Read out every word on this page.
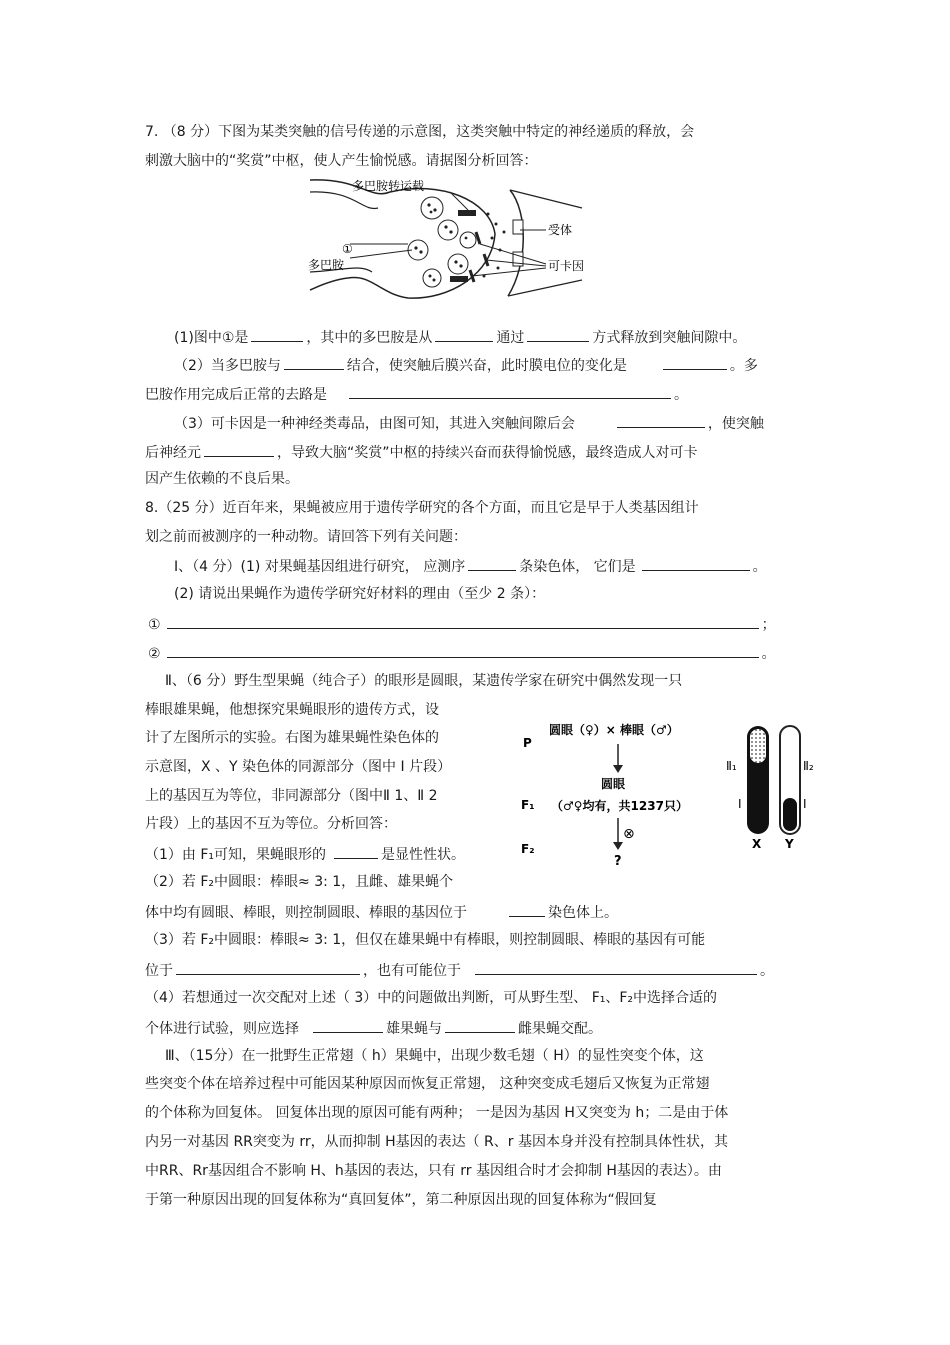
7. （8 分）下图为某类突触的信号传递的示意图，这类突触中特定的神经递质的释放，会
刺激大脑中的“奖赏”中枢，使人产生愉悦感。请据图分析回答：
多巴胺转运载
①
多巴胺
受体
可卡因
(1)图中①是	，其中的多巴胺是从	通过	方式释放到突触间隙中。
（2）当多巴胺与	结合，使突触后膜兴奋，此时膜电位的变化是	。多
巴胺作用完成后正常的去路是	。
（3）可卡因是一种神经类毒品，由图可知，其进入突触间隙后会	，使突触
后神经元	，导致大脑“奖赏”中枢的持续兴奋而获得愉悦感，最终造成人对可卡
因产生依赖的不良后果。
8.（25 分）近百年来，果蝇被应用于遗传学研究的各个方面，而且它是早于人类基因组计
划之前而被测序的一种动物。请回答下列有关问题：
Ⅰ、（4 分）(1) 对果蝇基因组进行研究， 应测序	条染色体， 它们是	。
(2) 请说出果蝇作为遗传学研究好材料的理由（至少 2 条）：
①	；
②	。
Ⅱ、（6 分）野生型果蝇（纯合子）的眼形是圆眼，某遗传学家在研究中偶然发现一只
棒眼雄果蝇，他想探究果蝇眼形的遗传方式，设
计了左图所示的实验。右图为雄果蝇性染色体的
示意图，X 、Y 染色体的同源部分（图中 Ⅰ 片段）
上的基因互为等位，非同源部分（图中Ⅱ 1、Ⅱ 2
片段）上的基因不互为等位。分析回答：
（1）由 F₁可知，果蝇眼形的	是显性性状。
（2）若 F₂中圆眼：棒眼≈ 3: 1，且雌、雄果蝇个
体中均有圆眼、棒眼，则控制圆眼、棒眼的基因位于	染色体上。
（3）若 F₂中圆眼：棒眼≈ 3: 1，但仅在雄果蝇中有棒眼，则控制圆眼、棒眼的基因有可能
位于	，也有可能位于	。
（4）若想通过一次交配对上述（ 3）中的问题做出判断，可从野生型、 F₁、F₂中选择合适的
个体进行试验，则应选择	雄果蝇与	雌果蝇交配。
P
圆眼（♀）× 棒眼（♂）
圆眼
F₁ （♂♀均有，共1237只）
⊗
F₂
?
Ⅱ₁	Ⅱ₂
Ⅰ	Ⅰ
X Y
Ⅲ、（15分）在一批野生正常翅（ h）果蝇中，出现少数毛翅（ H）的显性突变个体，这
些突变个体在培养过程中可能因某种原因而恢复正常翅， 这种突变成毛翅后又恢复为正常翅
的个体称为回复体。 回复体出现的原因可能有两种； 一是因为基因 H又突变为 h；二是由于体
内另一对基因 RR突变为 rr，从而抑制 H基因的表达（ R、r 基因本身并没有控制具体性状，其
中RR、Rr基因组合不影响 H、h基因的表达，只有 rr 基因组合时才会抑制 H基因的表达）。由
于第一种原因出现的回复体称为“真回复体”，第二种原因出现的回复体称为“假回复
